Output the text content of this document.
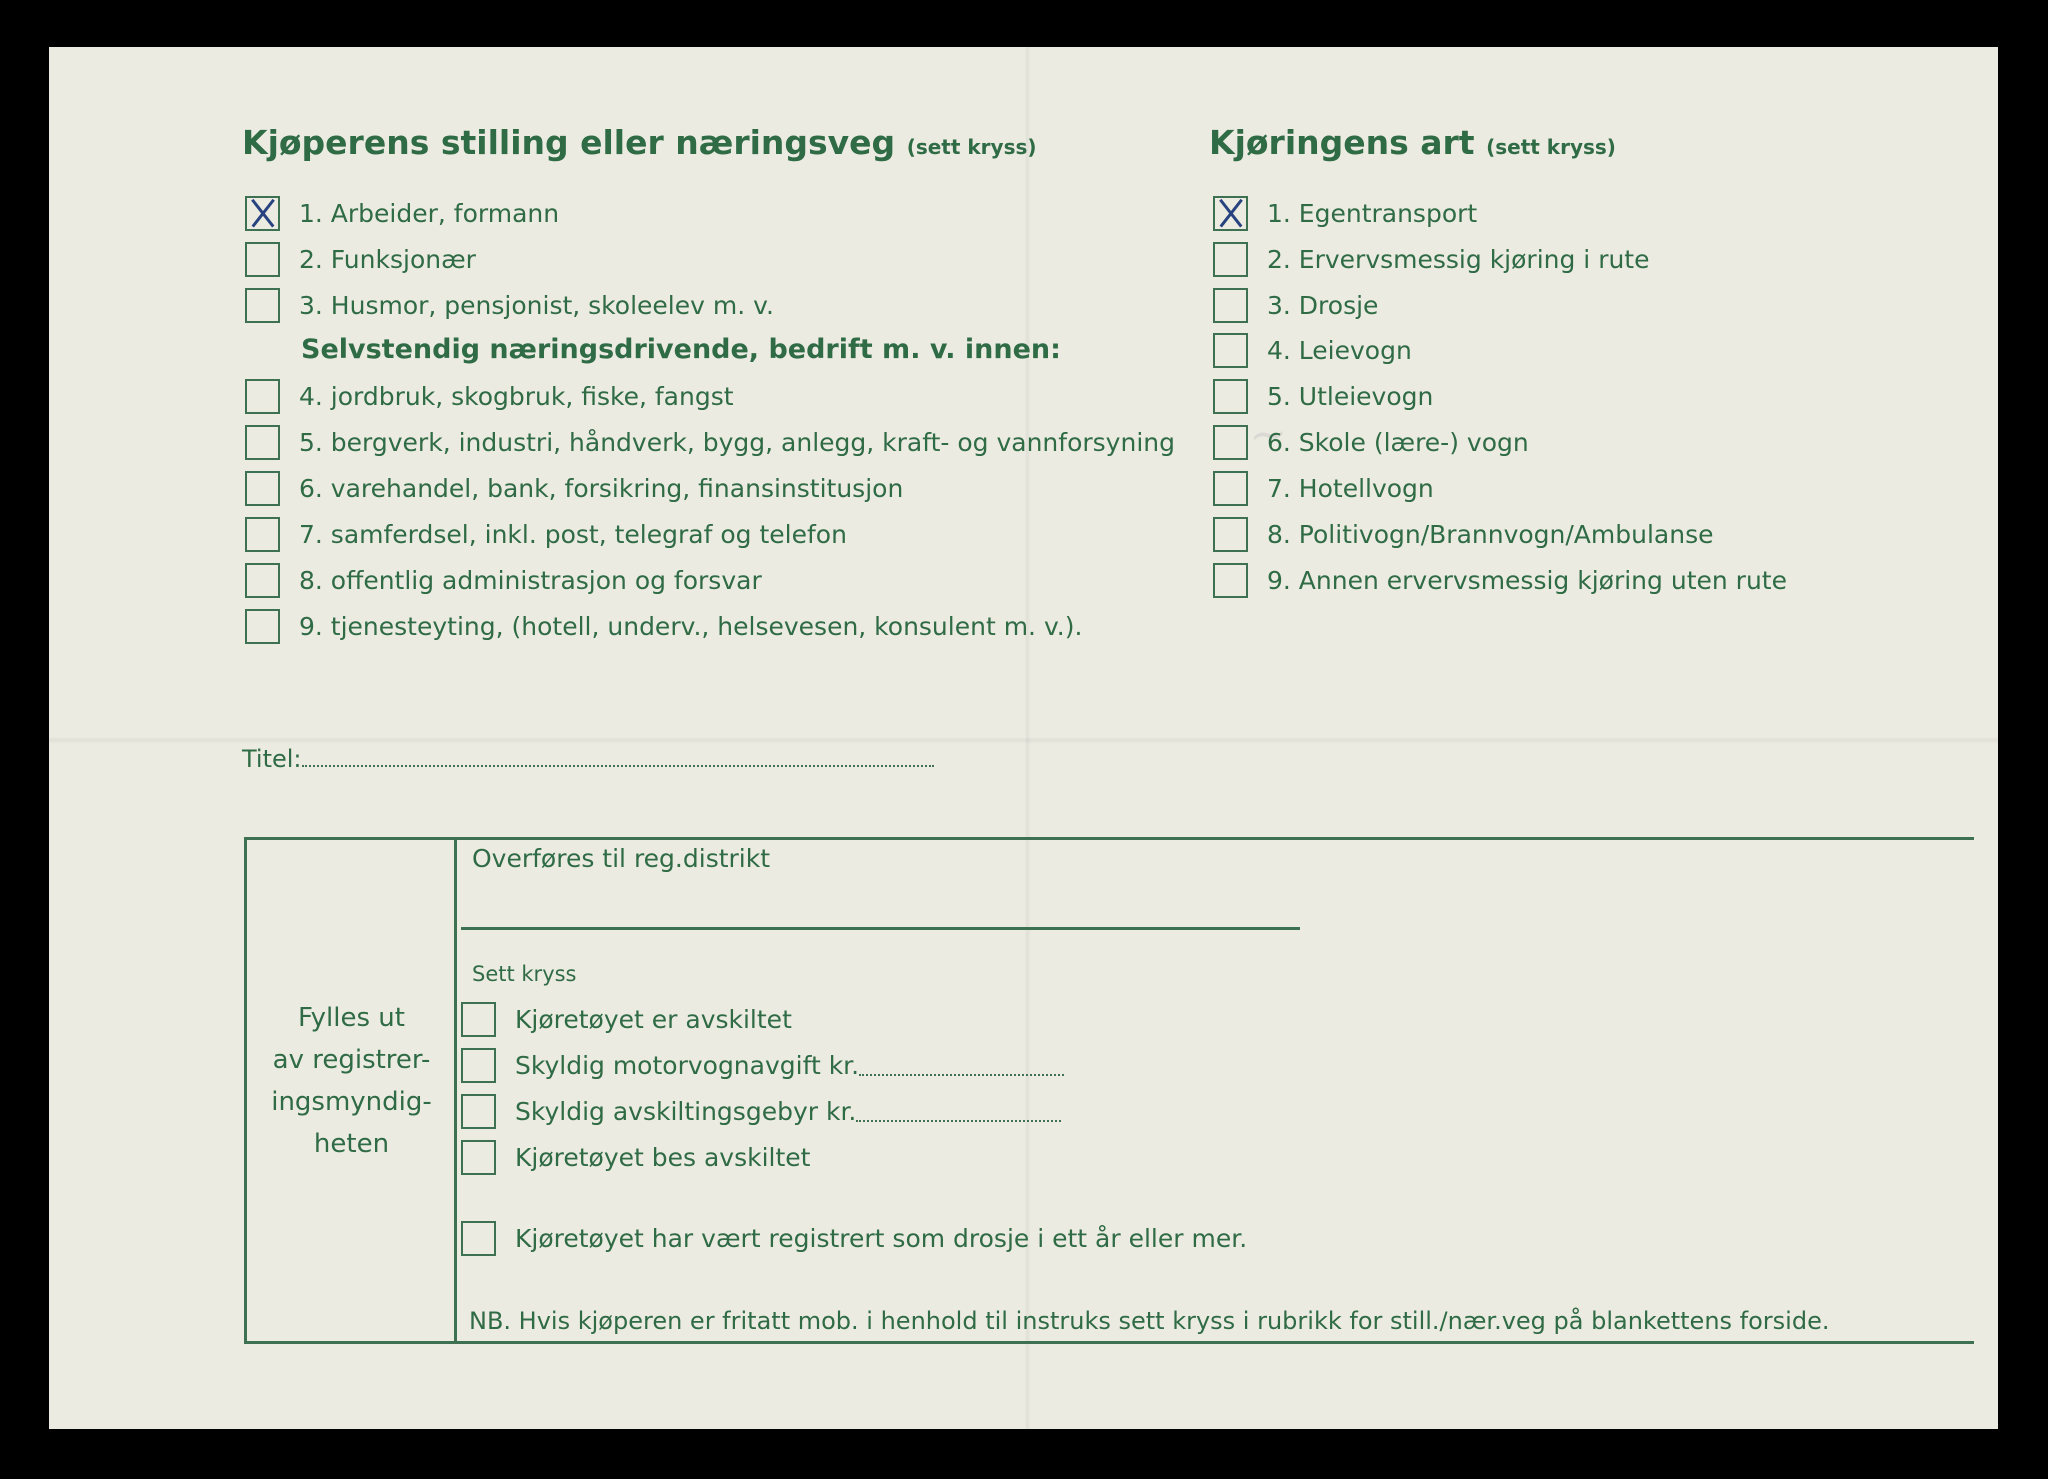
~
Kjøperens stilling eller næringsveg (sett kryss)
1. Arbeider, formann
2. Funksjonær
3. Husmor, pensjonist, skoleelev m. v.
Selvstendig næringsdrivende, bedrift m. v. innen:
4. jordbruk, skogbruk, fiske, fangst
5. bergverk, industri, håndverk, bygg, anlegg, kraft- og vannforsyning
6. varehandel, bank, forsikring, finansinstitusjon
7. samferdsel, inkl. post, telegraf og telefon
8. offentlig administrasjon og forsvar
9. tjenesteyting, (hotell, underv., helsevesen, konsulent m. v.).
Kjøringens art (sett kryss)
1. Egentransport
2. Ervervsmessig kjøring i rute
3. Drosje
4. Leievogn
5. Utleievogn
6. Skole (lære-) vogn
7. Hotellvogn
8. Politivogn/Brannvogn/Ambulanse
9. Annen ervervsmessig kjøring uten rute
Titel:
Fylles ut
av registrer-
ingsmyndig-
heten
Overføres til reg.distrikt
Sett kryss
Kjøretøyet er avskiltet
Skyldig motorvognavgift kr.
Skyldig avskiltingsgebyr kr.
Kjøretøyet bes avskiltet
Kjøretøyet har vært registrert som drosje i ett år eller mer.
NB. Hvis kjøperen er fritatt mob. i henhold til instruks sett kryss i rubrikk for still./nær.veg på blankettens forside.
